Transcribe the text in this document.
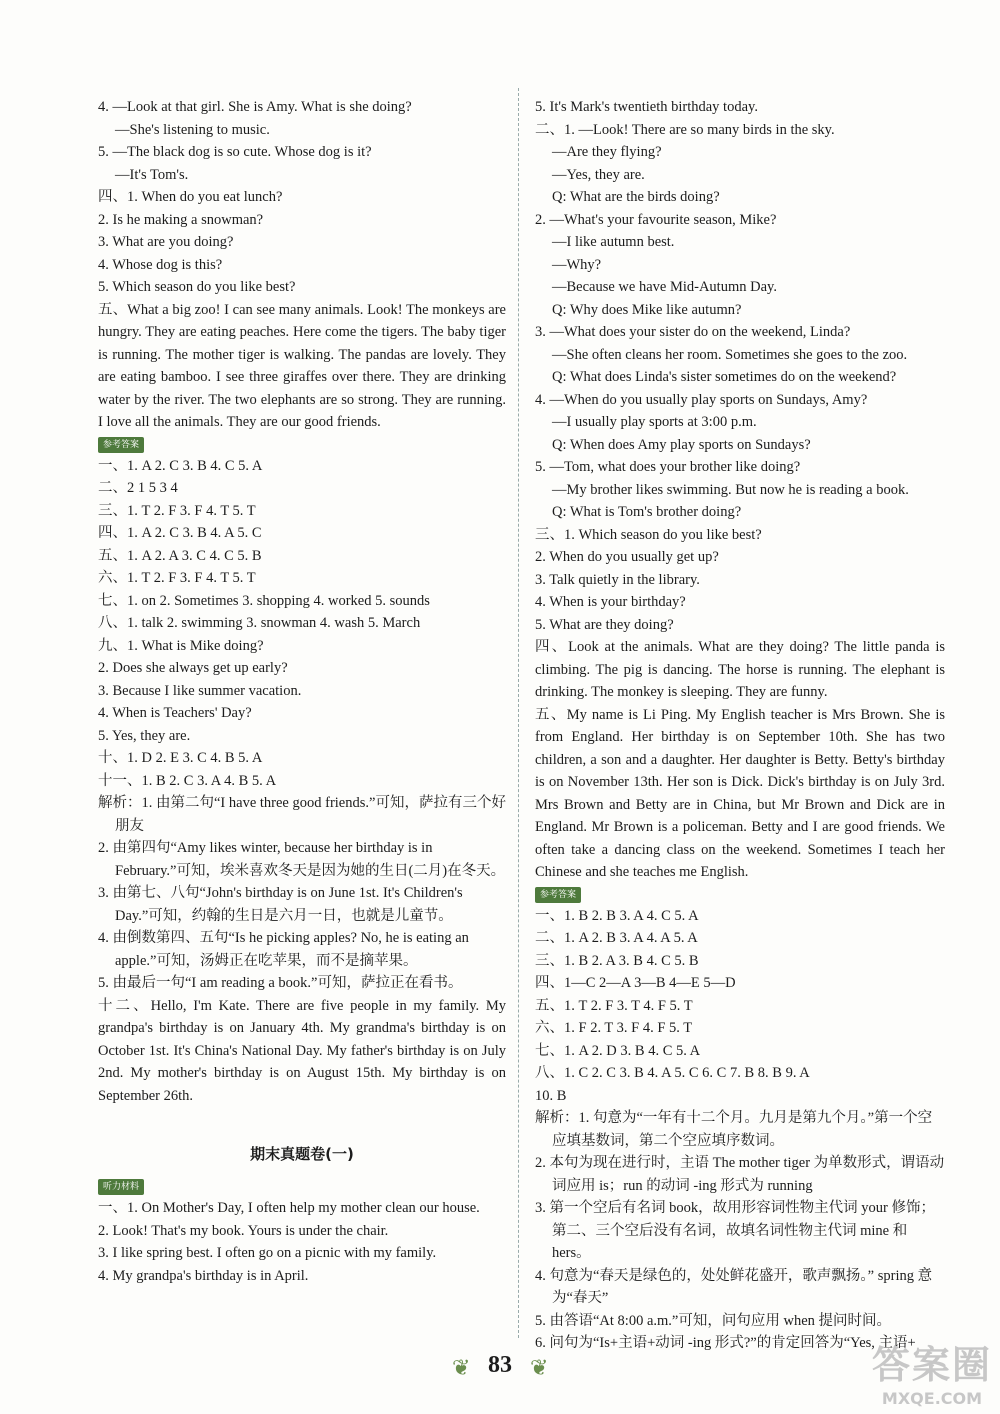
4. —Look at that girl. She is Amy. What is she doing?

—She's listening to music.

5. —The black dog is so cute. Whose dog is it?

—It's Tom's.

四、1. When do you eat lunch?

2. Is he making a snowman?

3. What are you doing?

4. Whose dog is this?

5. Which season do you like best?

五、What a big zoo! I can see many animals. Look! The monkeys are hungry. They are eating peaches. Here come the tigers. The baby tiger is running. The mother tiger is walking. The pandas are lovely. They are eating bamboo. I see three giraffes over there. They are drinking water by the river. The two elephants are so strong. They are running. I love all the animals. They are our good friends.

参考答案

一、1. A 2. C 3. B 4. C 5. A

二、2 1 5 3 4

三、1. T 2. F 3. F 4. T 5. T

四、1. A 2. C 3. B 4. A 5. C

五、1. A 2. A 3. C 4. C 5. B

六、1. T 2. F 3. F 4. T 5. T

七、1. on 2. Sometimes 3. shopping 4. worked 5. sounds

八、1. talk 2. swimming 3. snowman 4. wash 5. March

九、1. What is Mike doing?

2. Does she always get up early?

3. Because I like summer vacation.

4. When is Teachers' Day?

5. Yes, they are.

十、1. D 2. E 3. C 4. B 5. A

十一、1. B 2. C 3. A 4. B 5. A

解析：1. 由第二句“I have three good friends.”可知，萨拉有三个好朋友

2. 由第四句“Amy likes winter, because her birthday is in February.”可知，埃米喜欢冬天是因为她的生日(二月)在冬天。

3. 由第七、八句“John's birthday is on June 1st. It's Children's Day.”可知，约翰的生日是六月一日，也就是儿童节。

4. 由倒数第四、五句“Is he picking apples? No, he is eating an apple.”可知，汤姆正在吃苹果，而不是摘苹果。

5. 由最后一句“I am reading a book.”可知，萨拉正在看书。

十二、Hello, I'm Kate. There are five people in my family. My grandpa's birthday is on January 4th. My grandma's birthday is on October 1st. It's China's National Day. My father's birthday is on July 2nd. My mother's birthday is on August 15th. My birthday is on September 26th.

期末真题卷(一)
听力材料

一、1. On Mother's Day, I often help my mother clean our house.

2. Look! That's my book. Yours is under the chair.

3. I like spring best. I often go on a picnic with my family.

4. My grandpa's birthday is in April.

5. It's Mark's twentieth birthday today.

二、1. —Look! There are so many birds in the sky.

—Are they flying?

—Yes, they are.

Q: What are the birds doing?

2. —What's your favourite season, Mike?

—I like autumn best.

—Why?

—Because we have Mid-Autumn Day.

Q: Why does Mike like autumn?

3. —What does your sister do on the weekend, Linda?

—She often cleans her room. Sometimes she goes to the zoo.

Q: What does Linda's sister sometimes do on the weekend?

4. —When do you usually play sports on Sundays, Amy?

—I usually play sports at 3:00 p.m.

Q: When does Amy play sports on Sundays?

5. —Tom, what does your brother like doing?

—My brother likes swimming. But now he is reading a book.

Q: What is Tom's brother doing?

三、1. Which season do you like best?

2. When do you usually get up?

3. Talk quietly in the library.

4. When is your birthday?

5. What are they doing?

四、Look at the animals. What are they doing? The little panda is climbing. The pig is dancing. The horse is running. The elephant is drinking. The monkey is sleeping. They are funny.

五、My name is Li Ping. My English teacher is Mrs Brown. She is from England. Her birthday is on September 10th. She has two children, a son and a daughter. Her daughter is Betty. Betty's birthday is on November 13th. Her son is Dick. Dick's birthday is on July 3rd. Mrs Brown and Betty are in China, but Mr Brown and Dick are in England. Mr Brown is a policeman. Betty and I are good friends. We often take a dancing class on the weekend. Sometimes I teach her Chinese and she teaches me English.

参考答案

一、1. B 2. B 3. A 4. C 5. A

二、1. A 2. B 3. A 4. A 5. A

三、1. B 2. A 3. B 4. C 5. B

四、1—C 2—A 3—B 4—E 5—D

五、1. T 2. F 3. T 4. F 5. T

六、1. F 2. T 3. F 4. F 5. T

七、1. A 2. D 3. B 4. C 5. A

八、1. C 2. C 3. B 4. A 5. C 6. C 7. B 8. B 9. A

10. B

解析：1. 句意为“一年有十二个月。九月是第九个月。”第一个空应填基数词，第二个空应填序数词。

2. 本句为现在进行时，主语 The mother tiger 为单数形式，谓语动词应用 is；run 的动词 -ing 形式为 running

3. 第一个空后有名词 book，故用形容词性物主代词 your 修饰；第二、三个空后没有名词，故填名词性物主代词 mine 和 hers。

4. 句意为“春天是绿色的，处处鲜花盛开，歌声飘扬。” spring 意为“春天”

5. 由答语“At 8:00 a.m.”可知，问句应用 when 提问时间。

6. 问句为“Is+主语+动词 -ing 形式?”的肯定回答为“Yes, 主语+

❦ 83 ❦	答案圈
MXQE.COM
